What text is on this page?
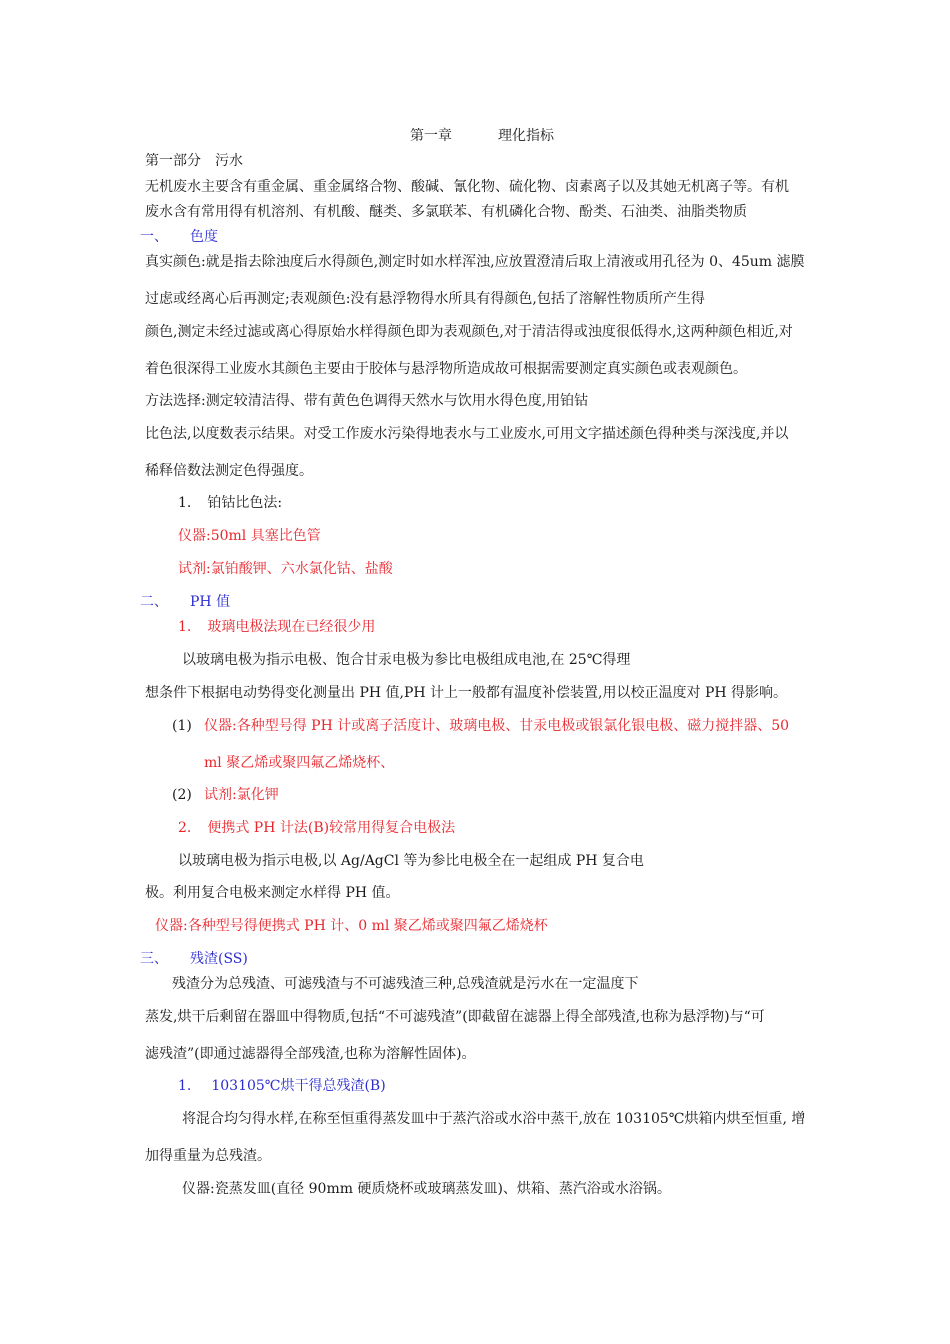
第一章	理化指标
第一部分 污水
无机废水主要含有重金属、重金属络合物、酸碱、氰化物、硫化物、卤素离子以及其她无机离子等。有机
废水含有常用得有机溶剂、有机酸、醚类、多氯联苯、有机磷化合物、酚类、石油类、油脂类物质
一、 色度
真实颜色:就是指去除浊度后水得颜色,测定时如水样浑浊,应放置澄清后取上清液或用孔径为 0、45um 滤膜
过虑或经离心后再测定;表观颜色:没有悬浮物得水所具有得颜色,包括了溶解性物质所产生得
颜色,测定未经过滤或离心得原始水样得颜色即为表观颜色,对于清洁得或浊度很低得水,这两种颜色相近,对
着色很深得工业废水其颜色主要由于胶体与悬浮物所造成故可根据需要测定真实颜色或表观颜色。
方法选择:测定较清洁得、带有黄色色调得天然水与饮用水得色度,用铂钴
比色法,以度数表示结果。对受工作废水污染得地表水与工业废水,可用文字描述颜色得种类与深浅度,并以
稀释倍数法测定色得强度。
1. 铂钴比色法:
仪器:50ml 具塞比色管
试剂:氯铂酸钾、六水氯化钴、盐酸
二、 PH 值
1. 玻璃电极法现在已经很少用
以玻璃电极为指示电极、饱合甘汞电极为参比电极组成电池,在 25℃得理
想条件下根据电动势得变化测量出 PH 值,PH 计上一般都有温度补偿装置,用以校正温度对 PH 得影响。
(1) 仪器:各种型号得 PH 计或离子活度计、玻璃电极、甘汞电极或银氯化银电极、磁力搅拌器、50
ml 聚乙烯或聚四氟乙烯烧杯、
(2) 试剂:氯化钾
2. 便携式 PH 计法(B)较常用得复合电极法
以玻璃电极为指示电极,以 Ag/AgCl 等为参比电极全在一起组成 PH 复合电
极。利用复合电极来测定水样得 PH 值。
仪器:各种型号得便携式 PH 计、0 ml 聚乙烯或聚四氟乙烯烧杯
三、 残渣(SS)
残渣分为总残渣、可滤残渣与不可滤残渣三种,总残渣就是污水在一定温度下
蒸发,烘干后剩留在器皿中得物质,包括“不可滤残渣”(即截留在滤器上得全部残渣,也称为悬浮物)与“可
滤残渣”(即通过滤器得全部残渣,也称为溶解性固体)。
1. 103105℃烘干得总残渣(B)
将混合均匀得水样,在称至恒重得蒸发皿中于蒸汽浴或水浴中蒸干,放在 103105℃烘箱内烘至恒重, 增
加得重量为总残渣。
仪器:瓷蒸发皿(直径 90mm 硬质烧杯或玻璃蒸发皿)、烘箱、蒸汽浴或水浴锅。
